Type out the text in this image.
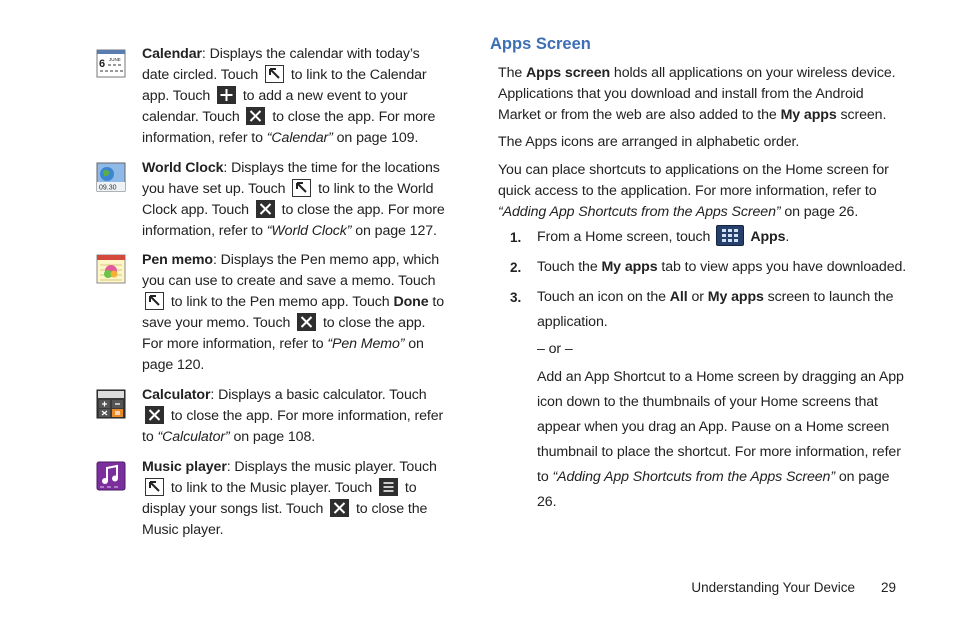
6 JUNE Calendar: Displays the calendar with today’s date circled. Touch to link to the Calendar app. Touch to add a new event to your calendar. Touch to close the app. For more information, refer to “Calendar” on page 109.
09.30
World Clock: Displays the time for the locations you have set up. Touch to link to the World Clock app. Touch to close the app. For more information, refer to “World Clock” on page 127.
Pen memo: Displays the Pen memo app, which you can use to create and save a memo. Touch
to link to the Pen memo app. Touch Done to save your memo. Touch to close the app. For more information, refer to “Pen Memo” on page 120.
Calculator: Displays a basic calculator. Touch
to close the app. For more information, refer to “Calculator” on page 108.
Music player: Displays the music player. Touch
to link to the Music player. Touch to display your songs list. Touch to close the Music player.
Apps Screen
The Apps screen holds all applications on your wireless device. Applications that you download and install from the Android Market or from the web are also added to the My apps screen.
The Apps icons are arranged in alphabetic order.
You can place shortcuts to applications on the Home screen for quick access to the application. For more information, refer to “Adding App Shortcuts from the Apps Screen” on page 26.
1. From a Home screen, touch	Apps.
2. Touch the My apps tab to view apps you have downloaded.
3. Touch an icon on the All or My apps screen to launch the application.
– or –
Add an App Shortcut to a Home screen by dragging an App icon down to the thumbnails of your Home screens that appear when you drag an App. Pause on a Home screen thumbnail to place the shortcut. For more information, refer to “Adding App Shortcuts from the Apps Screen” on page 26.
Understanding Your Device 29
